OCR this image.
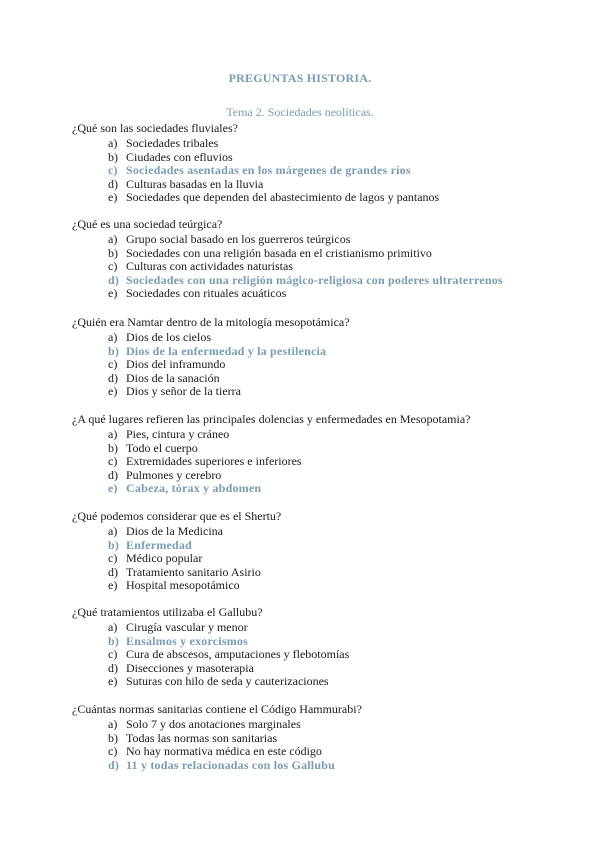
PREGUNTAS HISTORIA.
Tema 2. Sociedades neolíticas.
¿Qué son las sociedades fluviales?
a) Sociedades tribales
b) Ciudades con efluvios
c) Sociedades asentadas en los márgenes de grandes ríos
d) Culturas basadas en la lluvia
e) Sociedades que dependen del abastecimiento de lagos y pantanos
¿Qué es una sociedad teúrgica?
a) Grupo social basado en los guerreros teúrgicos
b) Sociedades con una religión basada en el cristianismo primitivo
c) Culturas con actividades naturistas
d) Sociedades con una religión mágico-religiosa con poderes ultraterrenos
e) Sociedades con rituales acuáticos
¿Quién era Namtar dentro de la mitología mesopotámica?
a) Dios de los cielos
b) Dios de la enfermedad y la pestilencia
c) Dios del inframundo
d) Dios de la sanación
e) Dios y señor de la tierra
¿A qué lugares refieren las principales dolencias y enfermedades en Mesopotamia?
a) Pies, cintura y cráneo
b) Todo el cuerpo
c) Extremidades superiores e inferiores
d) Pulmones y cerebro
e) Cabeza, tórax y abdomen
¿Qué podemos considerar que es el Shertu?
a) Dios de la Medicina
b) Enfermedad
c) Médico popular
d) Tratamiento sanitario Asirio
e) Hospital mesopotámico
¿Qué tratamientos utilizaba el Gallubu?
a) Cirugía vascular y menor
b) Ensalmos y exorcismos
c) Cura de abscesos, amputaciones y flebotomías
d) Disecciones y masoterapia
e) Suturas con hilo de seda y cauterizaciones
¿Cuántas normas sanitarias contiene el Código Hammurabi?
a) Solo 7 y dos anotaciones marginales
b) Todas las normas son sanitarias
c) No hay normativa médica en este código
d) 11 y todas relacionadas con los Gallubu
